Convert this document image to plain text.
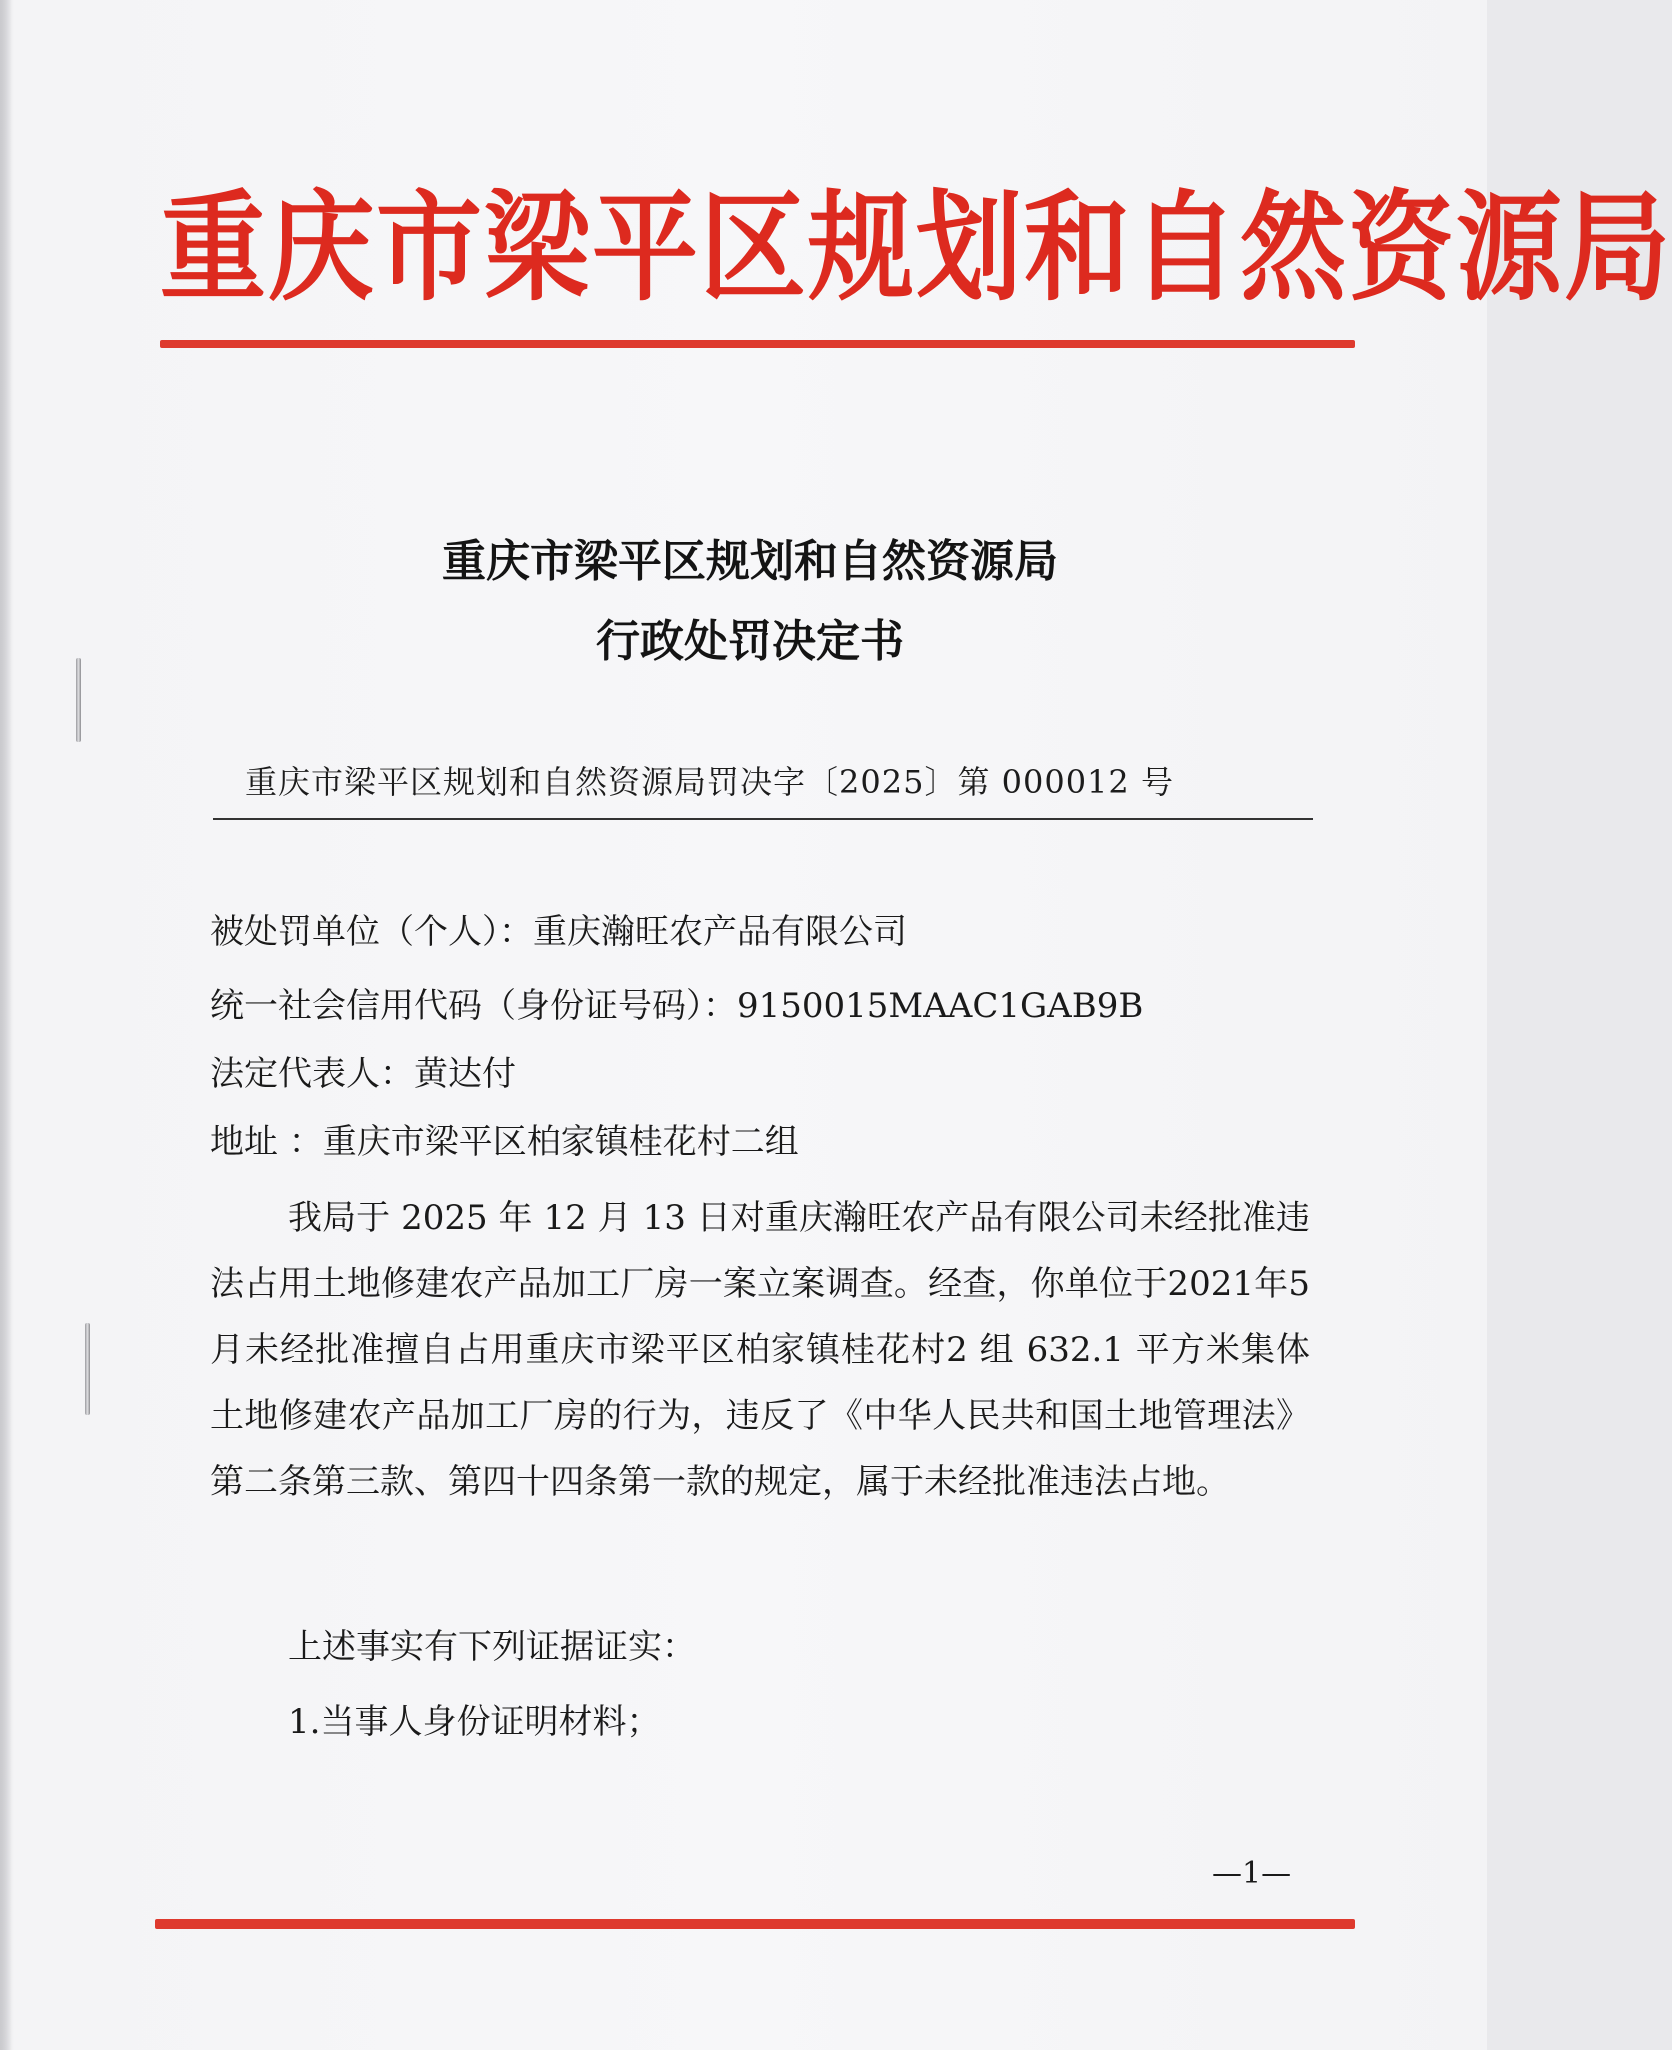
重庆市梁平区规划和自然资源局
重庆市梁平区规划和自然资源局
行政处罚决定书
重庆市梁平区规划和自然资源局罚决字〔2025〕第 000012 号
被处罚单位（个人）：重庆瀚旺农产品有限公司
统一社会信用代码（身份证号码）：9150015MAAC1GAB9B
法定代表人：黄达付
地址 ：重庆市梁平区柏家镇桂花村二组
我局于 2025 年 12 月 13 日对重庆瀚旺农产品有限公司未经批准违法占用土地修建农产品加工厂房一案立案调查。经查，你单位于2021年5月未经批准擅自占用重庆市梁平区柏家镇桂花村2 组 632.1 平方米集体土地修建农产品加工厂房的行为，违反了《中华人民共和国土地管理法》第二条第三款、第四十四条第一款的规定，属于未经批准违法占地。
上述事实有下列证据证实：
1.当事人身份证明材料；
—1—
